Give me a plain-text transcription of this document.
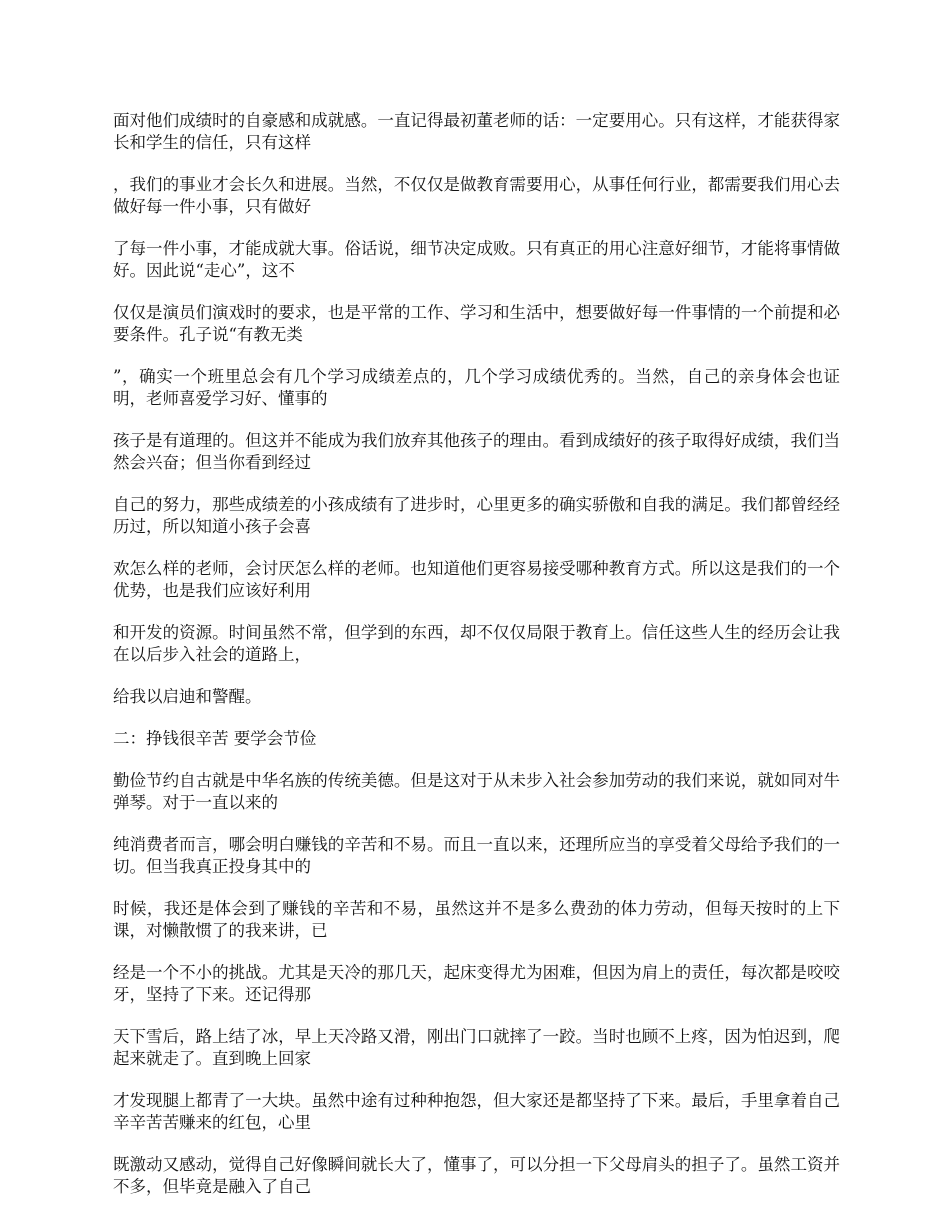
面对他们成绩时的自豪感和成就感。一直记得最初董老师的话：一定要用心。只有这样，才能获得家长和学生的信任，只有这样

，我们的事业才会长久和进展。当然，不仅仅是做教育需要用心，从事任何行业，都需要我们用心去做好每一件小事，只有做好

了每一件小事，才能成就大事。俗话说，细节决定成败。只有真正的用心注意好细节，才能将事情做好。因此说“走心”，这不

仅仅是演员们演戏时的要求，也是平常的工作、学习和生活中，想要做好每一件事情的一个前提和必要条件。孔子说“有教无类

”，确实一个班里总会有几个学习成绩差点的，几个学习成绩优秀的。当然，自己的亲身体会也证明，老师喜爱学习好、懂事的

孩子是有道理的。但这并不能成为我们放弃其他孩子的理由。看到成绩好的孩子取得好成绩，我们当然会兴奋；但当你看到经过

自己的努力，那些成绩差的小孩成绩有了进步时，心里更多的确实骄傲和自我的满足。我们都曾经经历过，所以知道小孩子会喜

欢怎么样的老师，会讨厌怎么样的老师。也知道他们更容易接受哪种教育方式。所以这是我们的一个优势，也是我们应该好利用

和开发的资源。时间虽然不常，但学到的东西，却不仅仅局限于教育上。信任这些人生的经历会让我在以后步入社会的道路上，

给我以启迪和警醒。

二：挣钱很辛苦 要学会节俭

勤俭节约自古就是中华名族的传统美德。但是这对于从未步入社会参加劳动的我们来说，就如同对牛弹琴。对于一直以来的

纯消费者而言，哪会明白赚钱的辛苦和不易。而且一直以来，还理所应当的享受着父母给予我们的一切。但当我真正投身其中的

时候，我还是体会到了赚钱的辛苦和不易，虽然这并不是多么费劲的体力劳动，但每天按时的上下课，对懒散惯了的我来讲，已

经是一个不小的挑战。尤其是天冷的那几天，起床变得尤为困难，但因为肩上的责任，每次都是咬咬牙，坚持了下来。还记得那

天下雪后，路上结了冰，早上天冷路又滑，刚出门口就摔了一跤。当时也顾不上疼，因为怕迟到，爬起来就走了。直到晚上回家

才发现腿上都青了一大块。虽然中途有过种种抱怨，但大家还是都坚持了下来。最后，手里拿着自己辛辛苦苦赚来的红包，心里

既激动又感动，觉得自己好像瞬间就长大了，懂事了，可以分担一下父母肩头的担子了。虽然工资并不多，但毕竟是融入了自己
